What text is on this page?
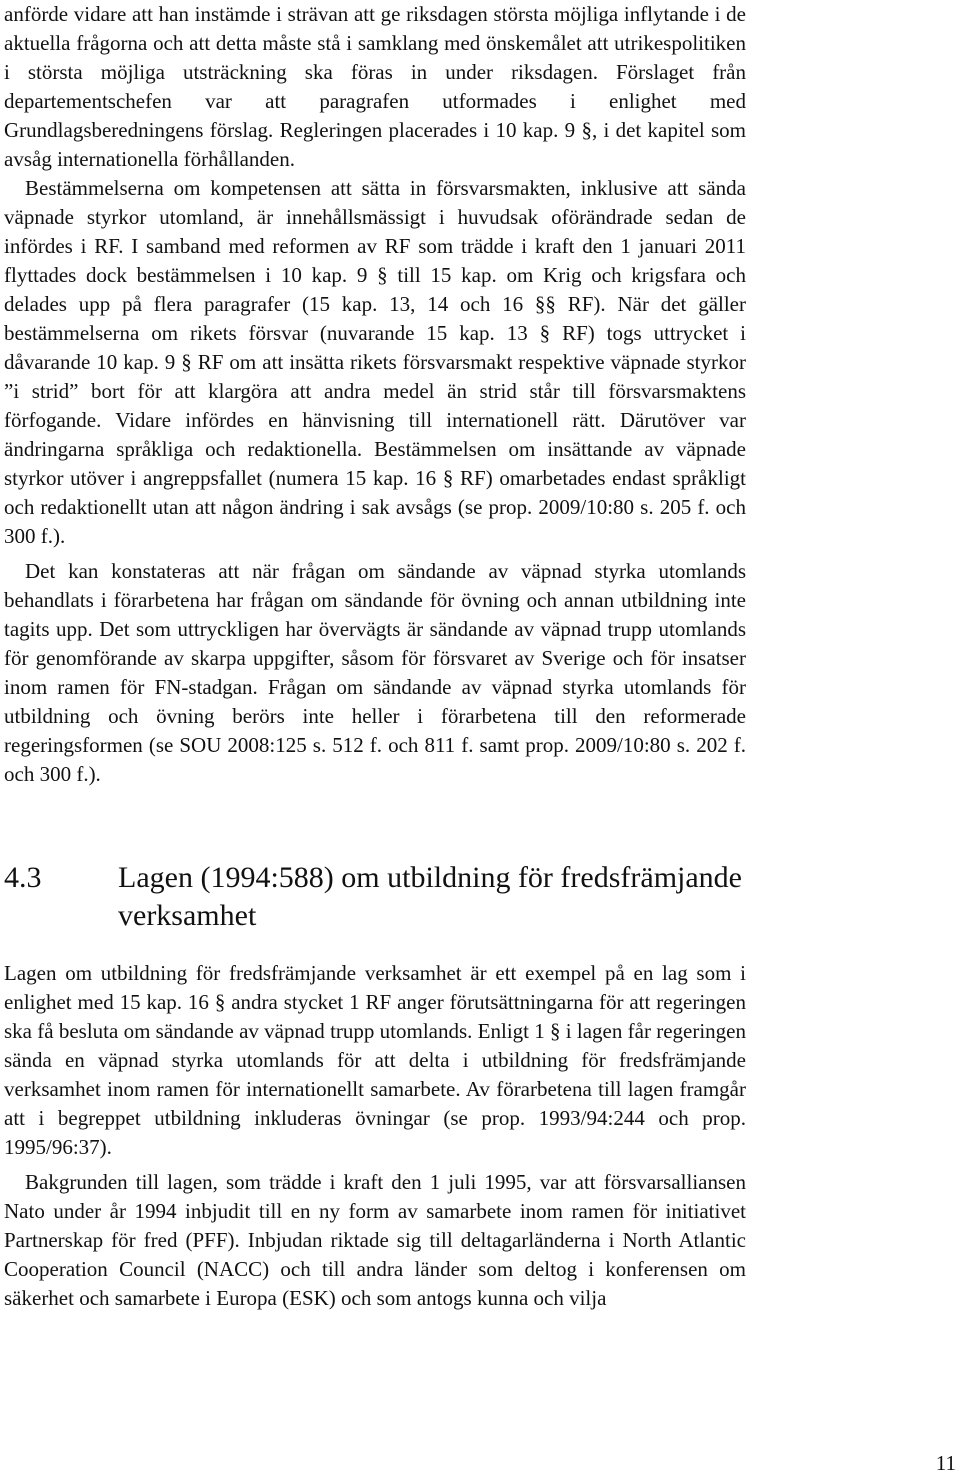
anförde vidare att han instämde i strävan att ge riksdagen största möjliga inflytande i de aktuella frågorna och att detta måste stå i samklang med önskemålet att utrikespolitiken i största möjliga utsträckning ska föras in under riksdagen. Förslaget från departementschefen var att paragrafen utformades i enlighet med Grundlagsberedningens förslag. Regleringen placerades i 10 kap. 9 §, i det kapitel som avsåg internationella förhållanden.

Bestämmelserna om kompetensen att sätta in försvarsmakten, inklusive att sända väpnade styrkor utomland, är innehållsmässigt i huvudsak oförändrade sedan de infördes i RF. I samband med reformen av RF som trädde i kraft den 1 januari 2011 flyttades dock bestämmelsen i 10 kap. 9 § till 15 kap. om Krig och krigsfara och delades upp på flera paragrafer (15 kap. 13, 14 och 16 §§ RF). När det gäller bestämmelserna om rikets försvar (nuvarande 15 kap. 13 § RF) togs uttrycket i dåvarande 10 kap. 9 § RF om att insätta rikets försvarsmakt respektive väpnade styrkor ”i strid” bort för att klargöra att andra medel än strid står till försvarsmaktens förfogande. Vidare infördes en hänvisning till internationell rätt. Därutöver var ändringarna språkliga och redaktionella. Bestämmelsen om insättande av väpnade styrkor utöver i angreppsfallet (numera 15 kap. 16 § RF) omarbetades endast språkligt och redaktionellt utan att någon ändring i sak avsågs (se prop. 2009/10:80 s. 205 f. och 300 f.).

Det kan konstateras att när frågan om sändande av väpnad styrka utomlands behandlats i förarbetena har frågan om sändande för övning och annan utbildning inte tagits upp. Det som uttryckligen har övervägts är sändande av väpnad trupp utomlands för genomförande av skarpa uppgifter, såsom för försvaret av Sverige och för insatser inom ramen för FN-stadgan. Frågan om sändande av väpnad styrka utomlands för utbildning och övning berörs inte heller i förarbetena till den reformerade regeringsformen (se SOU 2008:125 s. 512 f. och 811 f. samt prop. 2009/10:80 s. 202 f. och 300 f.).

4.3	Lagen (1994:588) om utbildning för fredsfrämjande verksamhet

Lagen om utbildning för fredsfrämjande verksamhet är ett exempel på en lag som i enlighet med 15 kap. 16 § andra stycket 1 RF anger förutsättningarna för att regeringen ska få besluta om sändande av väpnad trupp utomlands. Enligt 1 § i lagen får regeringen sända en väpnad styrka utomlands för att delta i utbildning för fredsfrämjande verksamhet inom ramen för internationellt samarbete. Av förarbetena till lagen framgår att i begreppet utbildning inkluderas övningar (se prop. 1993/94:244 och prop. 1995/96:37).

Bakgrunden till lagen, som trädde i kraft den 1 juli 1995, var att försvarsalliansen Nato under år 1994 inbjudit till en ny form av samarbete inom ramen för initiativet Partnerskap för fred (PFF). Inbjudan riktade sig till deltagarländerna i North Atlantic Cooperation Council (NACC) och till andra länder som deltog i konferensen om säkerhet och samarbete i Europa (ESK) och som antogs kunna och vilja

11
